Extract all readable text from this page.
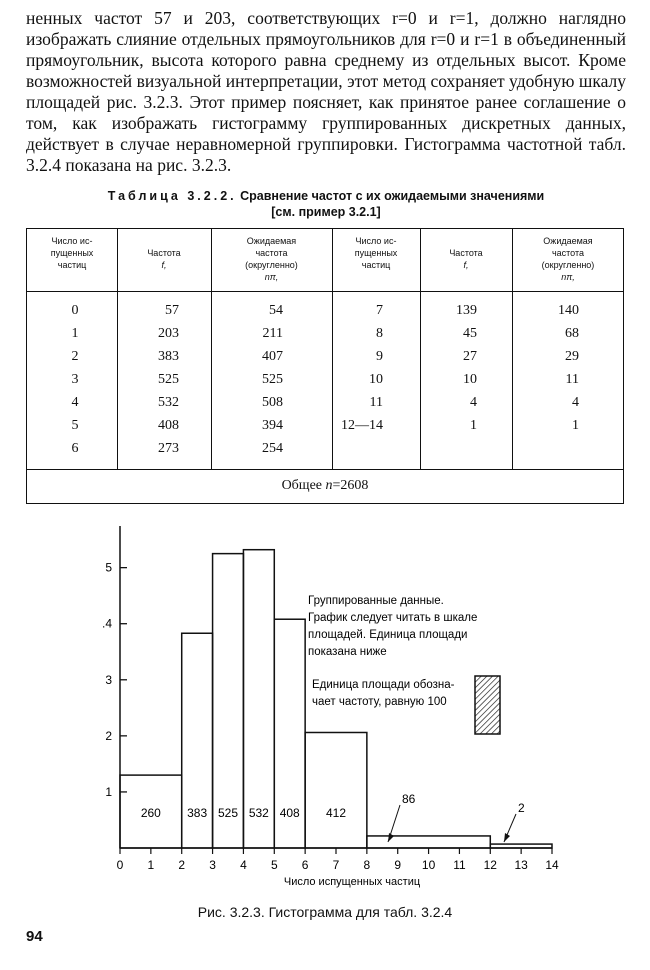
ненных частот 57 и 203, соответствующих r=0 и r=1, должно наглядно изображать слияние отдельных прямоугольников для r=0 и r=1 в объединенный прямоугольник, высота которого равна среднему из отдельных высот. Кроме возможностей визуальной интерпретации, этот метод сохраняет удобную шкалу площадей рис. 3.2.3. Этот пример поясняет, как принятое ранее соглашение о том, как изображать гистограмму группированных дискретных данных, действует в случае неравномерной группировки. Гистограмма частотной табл. 3.2.4 показана на рис. 3.2.3.

Таблица 3.2.2. Сравнение частот с их ожидаемыми значениями
[см. пример 3.2.1]
Число ис-
пущенных
частиц
Частота
f,
Ожидаемая
частота
(округленно)
nπ,
Число ис-
пущенных
частиц
Частота
f,
Ожидаемая
частота
(округленно)
nπ,
0
1
2
3
4
5
6
57
203
383
525
532
408
273
54
211
407
525
508
394
254
7
8
9
10
11
12—14
139
45
27
10
4
1
140
68
29
11
4
1
Общее n=2608
1
2
3
.4
5
0 1 2 3 4 5 6 7 8 9 10 11 12 13 14
260 383 525 532 408 412
86
2
Группированные данные.
График следует читать в шкале
площадей. Единица площади
показана ниже
Единица площади обозна-
чает частоту, равную 100
Число испущенных частиц
Рис. 3.2.3. Гистограмма для табл. 3.2.4
94
